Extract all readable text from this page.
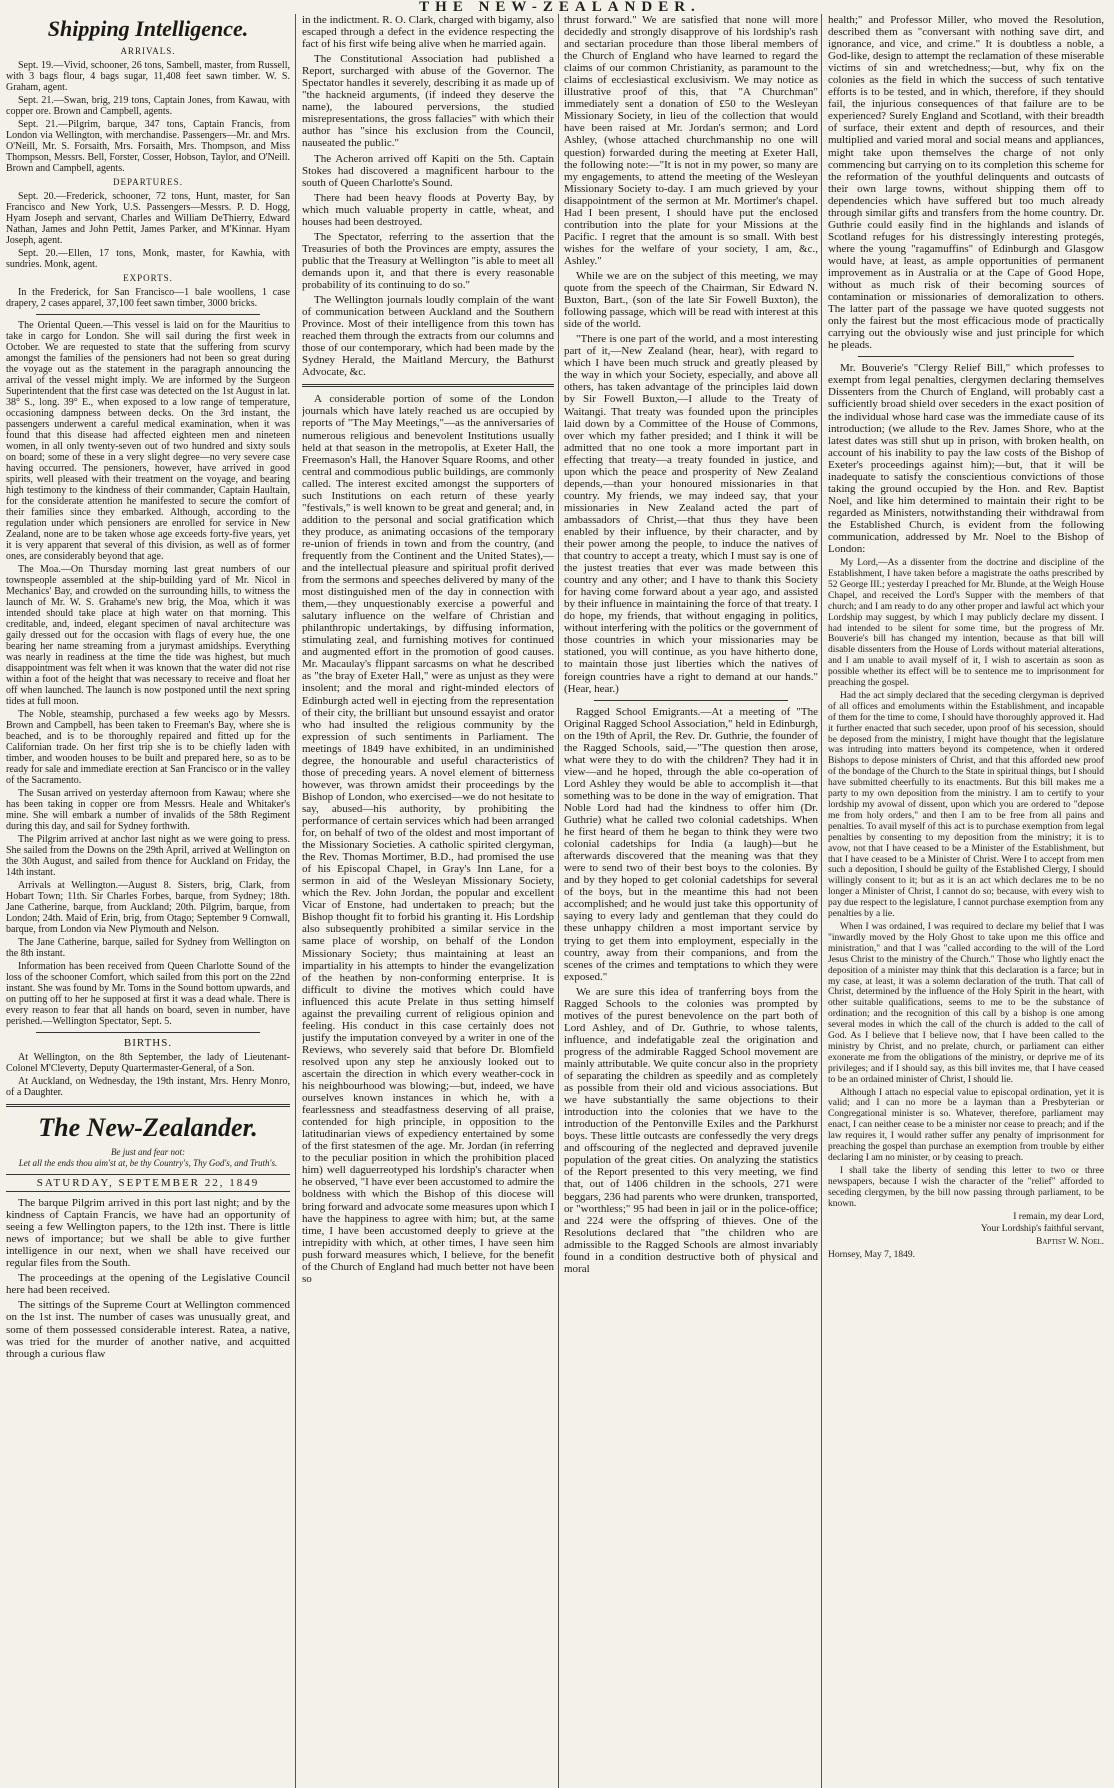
THE NEW-ZEALANDER.
Shipping Intelligence.
ARRIVALS.

Sept. 19.—Vivid, schooner, 26 tons, Sambell, master, from Russell, with 3 bags flour, 4 bags sugar, 11,408 feet sawn timber. W. S. Graham, agent.

Sept. 21.—Swan, brig, 219 tons, Captain Jones, from Kawau, with copper ore. Brown and Campbell, agents.

Sept. 21.—Pilgrim, barque, 347 tons, Captain Francis, from London via Wellington, with merchandise. Passengers—Mr. and Mrs. O'Neill, Mr. S. Forsaith, Mrs. Forsaith, Mrs. Thompson, and Miss Thompson, Messrs. Bell, Forster, Cosser, Hobson, Taylor, and O'Neill. Brown and Campbell, agents.

DEPARTURES.

Sept. 20.—Frederick, schooner, 72 tons, Hunt, master, for San Francisco and New York, U.S. Passengers—Messrs. P. D. Hogg, Hyam Joseph and servant, Charles and William DeThierry, Edward Nathan, James and John Pettit, James Parker, and M'Kinnar. Hyam Joseph, agent.

Sept. 20.—Ellen, 17 tons, Monk, master, for Kawhia, with sundries. Monk, agent.

EXPORTS.

In the Frederick, for San Francisco—1 bale woollens, 1 case drapery, 2 cases apparel, 37,100 feet sawn timber, 3000 bricks.

The Oriental Queen.—This vessel is laid on for the Mauritius to take in cargo for London. She will sail during the first week in October. We are requested to state that the suffering from scurvy amongst the families of the pensioners had not been so great during the voyage out as the statement in the paragraph announcing the arrival of the vessel might imply. We are informed by the Surgeon Superintendent that the first case was detected on the 1st August in lat. 38° S., long. 39° E., when exposed to a low range of temperature, occasioning dampness between decks. On the 3rd instant, the passengers underwent a careful medical examination, when it was found that this disease had affected eighteen men and nineteen women, in all only twenty-seven out of two hundred and sixty souls on board; some of these in a very slight degree—no very severe case having occurred. The pensioners, however, have arrived in good spirits, well pleased with their treatment on the voyage, and bearing high testimony to the kindness of their commander, Captain Haultain, for the considerate attention he manifested to secure the comfort of their families since they embarked. Although, according to the regulation under which pensioners are enrolled for service in New Zealand, none are to be taken whose age exceeds forty-five years, yet it is very apparent that several of this division, as well as of former ones, are considerably beyond that age.

The Moa.—On Thursday morning last great numbers of our townspeople assembled at the ship-building yard of Mr. Nicol in Mechanics' Bay, and crowded on the surrounding hills, to witness the launch of Mr. W. S. Grahame's new brig, the Moa, which it was intended should take place at high water on that morning. This creditable, and, indeed, elegant specimen of naval architecture was gaily dressed out for the occasion with flags of every hue, the one bearing her name streaming from a jurymast amidships. Everything was nearly in readiness at the time the tide was highest, but much disappointment was felt when it was known that the water did not rise within a foot of the height that was necessary to receive and float her off when launched. The launch is now postponed until the next spring tides at full moon.

The Noble, steamship, purchased a few weeks ago by Messrs. Brown and Campbell, has been taken to Freeman's Bay, where she is beached, and is to be thoroughly repaired and fitted up for the Californian trade. On her first trip she is to be chiefly laden with timber, and wooden houses to be built and prepared here, so as to be ready for sale and immediate erection at San Francisco or in the valley of the Sacramento.

The Susan arrived on yesterday afternoon from Kawau; where she has been taking in copper ore from Messrs. Heale and Whitaker's mine. She will embark a number of invalids of the 58th Regiment during this day, and sail for Sydney forthwith.

The Pilgrim arrived at anchor last night as we were going to press. She sailed from the Downs on the 29th April, arrived at Wellington on the 30th August, and sailed from thence for Auckland on Friday, the 14th instant.

Arrivals at Wellington.—August 8. Sisters, brig, Clark, from Hobart Town; 11th. Sir Charles Forbes, barque, from Sydney; 18th. Jane Catherine, barque, from Auckland; 20th. Pilgrim, barque, from London; 24th. Maid of Erin, brig, from Otago; September 9 Cornwall, barque, from London via New Plymouth and Nelson.

The Jane Catherine, barque, sailed for Sydney from Wellington on the 8th instant.

Information has been received from Queen Charlotte Sound of the loss of the schooner Comfort, which sailed from this port on the 22nd instant. She was found by Mr. Toms in the Sound bottom upwards, and on putting off to her he supposed at first it was a dead whale. There is every reason to fear that all hands on board, seven in number, have perished.—Wellington Spectator, Sept. 5.

BIRTHS.

At Wellington, on the 8th September, the lady of Lieutenant-Colonel M'Cleverty, Deputy Quartermaster-General, of a Son.

At Auckland, on Wednesday, the 19th instant, Mrs. Henry Monro, of a Daughter.

The New-Zealander.
Be just and fear not:
Let all the ends thou aim'st at, be thy Country's, Thy God's, and Truth's.
SATURDAY, SEPTEMBER 22, 1849

The barque Pilgrim arrived in this port last night; and by the kindness of Captain Francis, we have had an opportunity of seeing a few Wellington papers, to the 12th inst. There is little news of importance; but we shall be able to give further intelligence in our next, when we shall have received our regular files from the South.

The proceedings at the opening of the Legislative Council here had been received.

The sittings of the Supreme Court at Wellington commenced on the 1st inst. The number of cases was unusually great, and some of them possessed considerable interest. Ratea, a native, was tried for the murder of another native, and acquitted through a curious flaw

in the indictment. R. O. Clark, charged with bigamy, also escaped through a defect in the evidence respecting the fact of his first wife being alive when he married again.

The Constitutional Association had published a Report, surcharged with abuse of the Governor. The Spectator handles it severely, describing it as made up of "the hackneid arguments, (if indeed they deserve the name), the laboured perversions, the studied misrepresentations, the gross fallacies" with which their author has "since his exclusion from the Council, nauseated the public."

The Acheron arrived off Kapiti on the 5th. Captain Stokes had discovered a magnificent harbour to the south of Queen Charlotte's Sound.

There had been heavy floods at Poverty Bay, by which much valuable property in cattle, wheat, and houses had been destroyed.

The Spectator, referring to the assertion that the Treasuries of both the Provinces are empty, assures the public that the Treasury at Wellington "is able to meet all demands upon it, and that there is every reasonable probability of its continuing to do so."

The Wellington journals loudly complain of the want of communication between Auckland and the Southern Province. Most of their intelligence from this town has reached them through the extracts from our columns and those of our contemporary, which had been made by the Sydney Herald, the Maitland Mercury, the Bathurst Advocate, &c.

A considerable portion of some of the London journals which have lately reached us are occupied by reports of "The May Meetings,"—as the anniversaries of numerous religious and benevolent Institutions usually held at that season in the metropolis, at Exeter Hall, the Freemason's Hall, the Hanover Square Rooms, and other central and commodious public buildings, are commonly called. The interest excited amongst the supporters of such Institutions on each return of these yearly "festivals," is well known to be great and general; and, in addition to the personal and social gratification which they produce, as animating occasions of the temporary re-union of friends in town and from the country, (and frequently from the Continent and the United States),—and the intellectual pleasure and spiritual profit derived from the sermons and speeches delivered by many of the most distinguished men of the day in connection with them,—they unquestionably exercise a powerful and salutary influence on the welfare of Christian and philanthropic undertakings, by diffusing information, stimulating zeal, and furnishing motives for continued and augmented effort in the promotion of good causes. Mr. Macaulay's flippant sarcasms on what he described as "the bray of Exeter Hall," were as unjust as they were insolent; and the moral and right-minded electors of Edinburgh acted well in ejecting from the representation of their city, the brilliant but unsound essayist and orator who had insulted the religious community by the expression of such sentiments in Parliament. The meetings of 1849 have exhibited, in an undiminished degree, the honourable and useful characteristics of those of preceding years. A novel element of bitterness however, was thrown amidst their proceedings by the Bishop of London, who exercised—we do not hesitate to say, abused—his authority, by prohibiting the performance of certain services which had been arranged for, on behalf of two of the oldest and most important of the Missionary Societies. A catholic spirited clergyman, the Rev. Thomas Mortimer, B.D., had promised the use of his Episcopal Chapel, in Gray's Inn Lane, for a sermon in aid of the Wesleyan Missionary Society, which the Rev. John Jordan, the popular and excellent Vicar of Enstone, had undertaken to preach; but the Bishop thought fit to forbid his granting it. His Lordship also subsequently prohibited a similar service in the same place of worship, on behalf of the London Missionary Society; thus maintaining at least an impartiality in his attempts to hinder the evangelization of the heathen by non-conforming enterprise. It is difficult to divine the motives which could have influenced this acute Prelate in thus setting himself against the prevailing current of religious opinion and feeling. His conduct in this case certainly does not justify the imputation conveyed by a writer in one of the Reviews, who severely said that before Dr. Blomfield resolved upon any step he anxiously looked out to ascertain the direction in which every weather-cock in his neighbourhood was blowing;—but, indeed, we have ourselves known instances in which he, with a fearlessness and steadfastness deserving of all praise, contended for high principle, in opposition to the latitudinarian views of expediency entertained by some of the first statesmen of the age. Mr. Jordan (in referring to the peculiar position in which the prohibition placed him) well daguerreotyped his lordship's character when he observed, "I have ever been accustomed to admire the boldness with which the Bishop of this diocese will bring forward and advocate some measures upon which I have the happiness to agree with him; but, at the same time, I have been accustomed deeply to grieve at the intrepidity with which, at other times, I have seen him push forward measures which, I believe, for the benefit of the Church of England had much better not have been so

thrust forward." We are satisfied that none will more decidedly and strongly disapprove of his lordship's rash and sectarian procedure than those liberal members of the Church of England who have learned to regard the claims of our common Christianity, as paramount to the claims of ecclesiastical exclusivism. We may notice as illustrative proof of this, that "A Churchman" immediately sent a donation of £50 to the Wesleyan Missionary Society, in lieu of the collection that would have been raised at Mr. Jordan's sermon; and Lord Ashley, (whose attached churchmanship no one will question) forwarded during the meeting at Exeter Hall, the following note:—"It is not in my power, so many are my engagements, to attend the meeting of the Wesleyan Missionary Society to-day. I am much grieved by your disappointment of the sermon at Mr. Mortimer's chapel. Had I been present, I should have put the enclosed contribution into the plate for your Missions at the Pacific. I regret that the amount is so small. With best wishes for the welfare of your society, I am, &c., Ashley."

While we are on the subject of this meeting, we may quote from the speech of the Chairman, Sir Edward N. Buxton, Bart., (son of the late Sir Fowell Buxton), the following passage, which will be read with interest at this side of the world.

"There is one part of the world, and a most interesting part of it,—New Zealand (hear, hear), with regard to which I have been much struck and greatly pleased by the way in which your Society, especially, and above all others, has taken advantage of the principles laid down by Sir Fowell Buxton,—I allude to the Treaty of Waitangi. That treaty was founded upon the principles laid down by a Committee of the House of Commons, over which my father presided; and I think it will be admitted that no one took a more important part in effecting that treaty—a treaty founded in justice, and upon which the peace and prosperity of New Zealand depends,—than your honoured missionaries in that country. My friends, we may indeed say, that your missionaries in New Zealand acted the part of ambassadors of Christ,—that thus they have been enabled by their influence, by their character, and by their power among the people, to induce the natives of that country to accept a treaty, which I must say is one of the justest treaties that ever was made between this country and any other; and I have to thank this Society for having come forward about a year ago, and assisted by their influence in maintaining the force of that treaty. I do hope, my friends, that without engaging in politics, without interfering with the politics or the government of those countries in which your missionaries may be stationed, you will continue, as you have hitherto done, to maintain those just liberties which the natives of foreign countries have a right to demand at our hands." (Hear, hear.)

Ragged School Emigrants.—At a meeting of "The Original Ragged School Association," held in Edinburgh, on the 19th of April, the Rev. Dr. Guthrie, the founder of the Ragged Schools, said,—"The question then arose, what were they to do with the children? They had it in view—and he hoped, through the able co-operation of Lord Ashley they would be able to accomplish it—that something was to be done in the way of emigration. That Noble Lord had had the kindness to offer him (Dr. Guthrie) what he called two colonial cadetships. When he first heard of them he began to think they were two colonial cadetships for India (a laugh)—but he afterwards discovered that the meaning was that they were to send two of their best boys to the colonies. By and by they hoped to get colonial cadetships for several of the boys, but in the meantime this had not been accomplished; and he would just take this opportunity of saying to every lady and gentleman that they could do these unhappy children a most important service by trying to get them into employment, especially in the country, away from their companions, and from the scenes of the crimes and temptations to which they were exposed."

We are sure this idea of tranferring boys from the Ragged Schools to the colonies was prompted by motives of the purest benevolence on the part both of Lord Ashley, and of Dr. Guthrie, to whose talents, influence, and indefatigable zeal the origination and progress of the admirable Ragged School movement are mainly attributable. We quite concur also in the propriety of separating the children as speedily and as completely as possible from their old and vicious associations. But we have substantially the same objections to their introduction into the colonies that we have to the introduction of the Pentonville Exiles and the Parkhurst boys. These little outcasts are confessedly the very dregs and offscouring of the neglected and depraved juvenile population of the great cities. On analyzing the statistics of the Report presented to this very meeting, we find that, out of 1406 children in the schools, 271 were beggars, 236 had parents who were drunken, transported, or "worthless;" 95 had been in jail or in the police-office; and 224 were the offspring of thieves. One of the Resolutions declared that "the children who are admissible to the Ragged Schools are almost invariably found in a condition destructive both of physical and moral

health;" and Professor Miller, who moved the Resolution, described them as "conversant with nothing save dirt, and ignorance, and vice, and crime." It is doubtless a noble, a God-like, design to attempt the reclamation of these miserable victims of sin and wretchedness;—but, why fix on the colonies as the field in which the success of such tentative efforts is to be tested, and in which, therefore, if they should fail, the injurious consequences of that failure are to be experienced? Surely England and Scotland, with their breadth of surface, their extent and depth of resources, and their multiplied and varied moral and social means and appliances, might take upon themselves the charge of not only commencing but carrying on to its completion this scheme for the reformation of the youthful delinquents and outcasts of their own large towns, without shipping them off to dependencies which have suffered but too much already through similar gifts and transfers from the home country. Dr. Guthrie could easily find in the highlands and islands of Scotland refuges for his distressingly interesting protegés, where the young "ragamuffins" of Edinburgh and Glasgow would have, at least, as ample opportunities of permanent improvement as in Australia or at the Cape of Good Hope, without as much risk of their becoming sources of contamination or missionaries of demoralization to others. The latter part of the passage we have quoted suggests not only the fairest but the most efficacious mode of practically carrying out the obviously wise and just principle for which he pleads.

Mr. Bouverie's "Clergy Relief Bill," which professes to exempt from legal penalties, clergymen declaring themselves Dissenters from the Church of England, will probably cast a sufficiently broad shield over seceders in the exact position of the individual whose hard case was the immediate cause of its introduction; (we allude to the Rev. James Shore, who at the latest dates was still shut up in prison, with broken health, on account of his inability to pay the law costs of the Bishop of Exeter's proceedings against him);—but, that it will be inadequate to satisfy the conscientious convictions of those taking the ground occupied by the Hon. and Rev. Baptist Noel, and like him determined to maintain their right to be regarded as Ministers, notwithstanding their withdrawal from the Established Church, is evident from the following communication, addressed by Mr. Noel to the Bishop of London:

My Lord,—As a dissenter from the doctrine and discipline of the Establishment, I have taken before a magistrate the oaths prescribed by 52 George III.; yesterday I preached for Mr. Blunde, at the Weigh House Chapel, and received the Lord's Supper with the members of that church; and I am ready to do any other proper and lawful act which your Lordship may suggest, by which I may publicly declare my dissent. I had intended to be silent for some time, but the progress of Mr. Bouverie's bill has changed my intention, because as that bill will disable dissenters from the House of Lords without material alterations, and I am unable to avail myself of it, I wish to ascertain as soon as possible whether its effect will be to sentence me to imprisonment for preaching the gospel.

Had the act simply declared that the seceding clergyman is deprived of all offices and emoluments within the Establishment, and incapable of them for the time to come, I should have thoroughly approved it. Had it further enacted that such seceder, upon proof of his secession, should be deposed from the ministry, I might have thought that the legislature was intruding into matters beyond its competence, when it ordered Bishops to depose ministers of Christ, and that this afforded new proof of the bondage of the Church to the State in spiritual things, but I should have submitted cheerfully to its enactments. But this bill makes me a party to my own deposition from the ministry. I am to certify to your lordship my avowal of dissent, upon which you are ordered to "depose me from holy orders," and then I am to be free from all pains and penalties. To avail myself of this act is to purchase exemption from legal penalties by consenting to my deposition from the ministry; it is to avow, not that I have ceased to be a Minister of the Establishment, but that I have ceased to be a Minister of Christ. Were I to accept from men such a deposition, I should be guilty of the Established Clergy, I should willingly consent to it; but as it is an act which declares me to be no longer a Minister of Christ, I cannot do so; because, with every wish to pay due respect to the legislature, I cannot purchase exemption from any penalties by a lie.

When I was ordained, I was required to declare my belief that I was "inwardly moved by the Holy Ghost to take upon me this office and ministration," and that I was "called according to the will of the Lord Jesus Christ to the ministry of the Church." Those who lightly enact the deposition of a minister may think that this declaration is a farce; but in my case, at least, it was a solemn declaration of the truth. That call of Christ, determined by the influence of the Holy Spirit in the heart, with other suitable qualifications, seems to me to be the substance of ordination; and the recognition of this call by a bishop is one among several modes in which the call of the church is added to the call of God. As I believe that I believe now, that I have been called to the ministry by Christ, and no prelate, church, or parliament can either exonerate me from the obligations of the ministry, or deprive me of its privileges; and if I should say, as this bill invites me, that I have ceased to be an ordained minister of Christ, I should lie.

Although I attach no especial value to episcopal ordination, yet it is valid; and I can no more be a layman than a Presbyterian or Congregational minister is so. Whatever, therefore, parliament may enact, I can neither cease to be a minister nor cease to preach; and if the law requires it, I would rather suffer any penalty of imprisonment for preaching the gospel than purchase an exemption from trouble by either declaring I am no minister, or by ceasing to preach.

I shall take the liberty of sending this letter to two or three newspapers, because I wish the character of the "relief" afforded to seceding clergymen, by the bill now passing through parliament, to be known.

I remain, my dear Lord,

Your Lordship's faithful servant,

Baptist W. Noel.

Hornsey, May 7, 1849.
